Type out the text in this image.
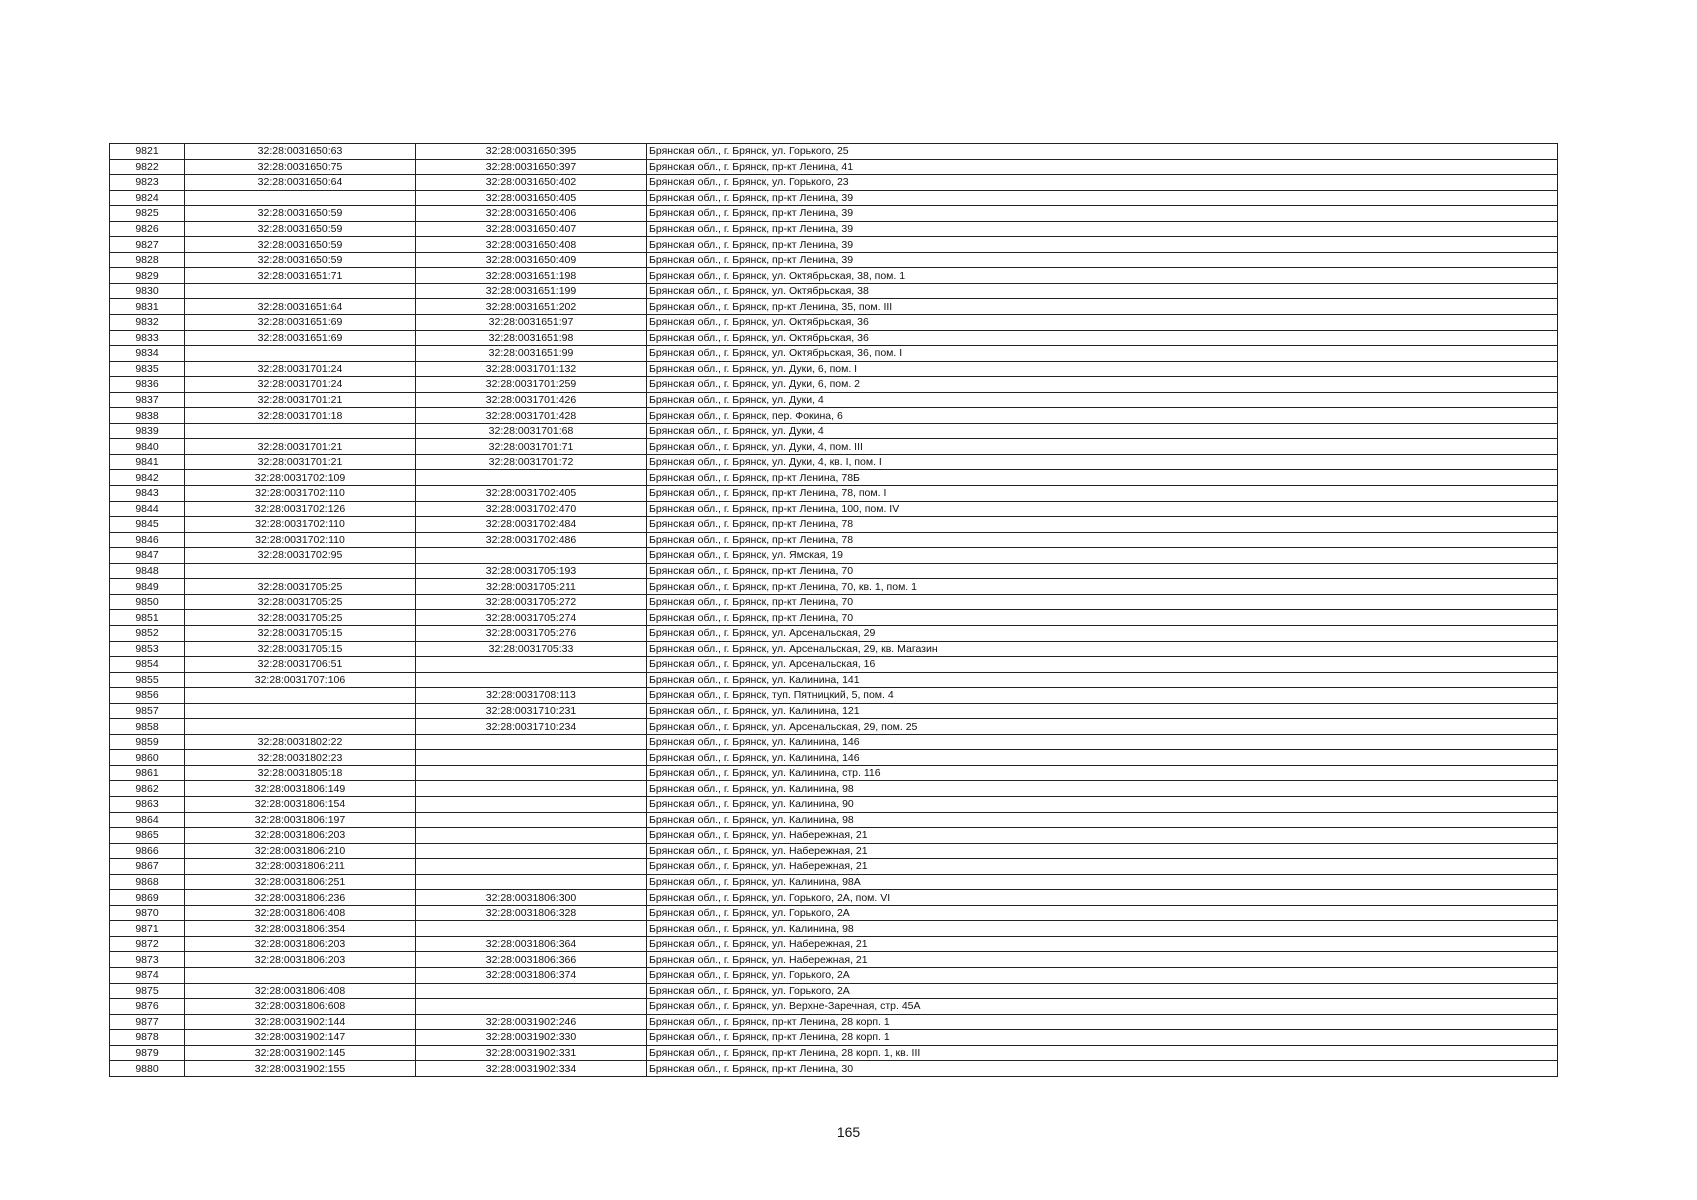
9821	32:28:0031650:63	32:28:0031650:395	Брянская обл., г. Брянск, ул. Горького, 25
9822	32:28:0031650:75	32:28:0031650:397	Брянская обл., г. Брянск, пр-кт Ленина, 41
9823	32:28:0031650:64	32:28:0031650:402	Брянская обл., г. Брянск, ул. Горького, 23
9824		32:28:0031650:405	Брянская обл., г. Брянск, пр-кт Ленина, 39
9825	32:28:0031650:59	32:28:0031650:406	Брянская обл., г. Брянск, пр-кт Ленина, 39
9826	32:28:0031650:59	32:28:0031650:407	Брянская обл., г. Брянск, пр-кт Ленина, 39
9827	32:28:0031650:59	32:28:0031650:408	Брянская обл., г. Брянск, пр-кт Ленина, 39
9828	32:28:0031650:59	32:28:0031650:409	Брянская обл., г. Брянск, пр-кт Ленина, 39
9829	32:28:0031651:71	32:28:0031651:198	Брянская обл., г. Брянск, ул. Октябрьская, 38, пом. 1
9830		32:28:0031651:199	Брянская обл., г. Брянск, ул. Октябрьская, 38
9831	32:28:0031651:64	32:28:0031651:202	Брянская обл., г. Брянск, пр-кт Ленина, 35, пом. III
9832	32:28:0031651:69	32:28:0031651:97	Брянская обл., г. Брянск, ул. Октябрьская, 36
9833	32:28:0031651:69	32:28:0031651:98	Брянская обл., г. Брянск, ул. Октябрьская, 36
9834		32:28:0031651:99	Брянская обл., г. Брянск, ул. Октябрьская, 36, пом. I
9835	32:28:0031701:24	32:28:0031701:132	Брянская обл., г. Брянск, ул. Дуки, 6, пом. I
9836	32:28:0031701:24	32:28:0031701:259	Брянская обл., г. Брянск, ул. Дуки, 6, пом. 2
9837	32:28:0031701:21	32:28:0031701:426	Брянская обл., г. Брянск, ул. Дуки, 4
9838	32:28:0031701:18	32:28:0031701:428	Брянская обл., г. Брянск, пер. Фокина, 6
9839		32:28:0031701:68	Брянская обл., г. Брянск, ул. Дуки, 4
9840	32:28:0031701:21	32:28:0031701:71	Брянская обл., г. Брянск, ул. Дуки, 4, пом. III
9841	32:28:0031701:21	32:28:0031701:72	Брянская обл., г. Брянск, ул. Дуки, 4, кв. I, пом. I
9842	32:28:0031702:109		Брянская обл., г. Брянск, пр-кт Ленина, 78Б
9843	32:28:0031702:110	32:28:0031702:405	Брянская обл., г. Брянск, пр-кт Ленина, 78, пом. I
9844	32:28:0031702:126	32:28:0031702:470	Брянская обл., г. Брянск, пр-кт Ленина, 100, пом. IV
9845	32:28:0031702:110	32:28:0031702:484	Брянская обл., г. Брянск, пр-кт Ленина, 78
9846	32:28:0031702:110	32:28:0031702:486	Брянская обл., г. Брянск, пр-кт Ленина, 78
9847	32:28:0031702:95		Брянская обл., г. Брянск, ул. Ямская, 19
9848		32:28:0031705:193	Брянская обл., г. Брянск, пр-кт Ленина, 70
9849	32:28:0031705:25	32:28:0031705:211	Брянская обл., г. Брянск, пр-кт Ленина, 70, кв. 1, пом. 1
9850	32:28:0031705:25	32:28:0031705:272	Брянская обл., г. Брянск, пр-кт Ленина, 70
9851	32:28:0031705:25	32:28:0031705:274	Брянская обл., г. Брянск, пр-кт Ленина, 70
9852	32:28:0031705:15	32:28:0031705:276	Брянская обл., г. Брянск, ул. Арсенальская, 29
9853	32:28:0031705:15	32:28:0031705:33	Брянская обл., г. Брянск, ул. Арсенальская, 29, кв. Магазин
9854	32:28:0031706:51		Брянская обл., г. Брянск, ул. Арсенальская, 16
9855	32:28:0031707:106		Брянская обл., г. Брянск, ул. Калинина, 141
9856		32:28:0031708:113	Брянская обл., г. Брянск, туп. Пятницкий, 5, пом. 4
9857		32:28:0031710:231	Брянская обл., г. Брянск, ул. Калинина, 121
9858		32:28:0031710:234	Брянская обл., г. Брянск, ул. Арсенальская, 29, пом. 25
9859	32:28:0031802:22		Брянская обл., г. Брянск, ул. Калинина, 146
9860	32:28:0031802:23		Брянская обл., г. Брянск, ул. Калинина, 146
9861	32:28:0031805:18		Брянская обл., г. Брянск, ул. Калинина, стр. 116
9862	32:28:0031806:149		Брянская обл., г. Брянск, ул. Калинина, 98
9863	32:28:0031806:154		Брянская обл., г. Брянск, ул. Калинина, 90
9864	32:28:0031806:197		Брянская обл., г. Брянск, ул. Калинина, 98
9865	32:28:0031806:203		Брянская обл., г. Брянск, ул. Набережная, 21
9866	32:28:0031806:210		Брянская обл., г. Брянск, ул. Набережная, 21
9867	32:28:0031806:211		Брянская обл., г. Брянск, ул. Набережная, 21
9868	32:28:0031806:251		Брянская обл., г. Брянск, ул. Калинина, 98А
9869	32:28:0031806:236	32:28:0031806:300	Брянская обл., г. Брянск, ул. Горького, 2А, пом. VI
9870	32:28:0031806:408	32:28:0031806:328	Брянская обл., г. Брянск, ул. Горького, 2А
9871	32:28:0031806:354		Брянская обл., г. Брянск, ул. Калинина, 98
9872	32:28:0031806:203	32:28:0031806:364	Брянская обл., г. Брянск, ул. Набережная, 21
9873	32:28:0031806:203	32:28:0031806:366	Брянская обл., г. Брянск, ул. Набережная, 21
9874		32:28:0031806:374	Брянская обл., г. Брянск, ул. Горького, 2А
9875	32:28:0031806:408		Брянская обл., г. Брянск, ул. Горького, 2А
9876	32:28:0031806:608		Брянская обл., г. Брянск, ул. Верхне-Заречная, стр. 45А
9877	32:28:0031902:144	32:28:0031902:246	Брянская обл., г. Брянск, пр-кт Ленина, 28 корп. 1
9878	32:28:0031902:147	32:28:0031902:330	Брянская обл., г. Брянск, пр-кт Ленина, 28 корп. 1
9879	32:28:0031902:145	32:28:0031902:331	Брянская обл., г. Брянск, пр-кт Ленина, 28 корп. 1, кв. III
9880	32:28:0031902:155	32:28:0031902:334	Брянская обл., г. Брянск, пр-кт Ленина, 30
165
